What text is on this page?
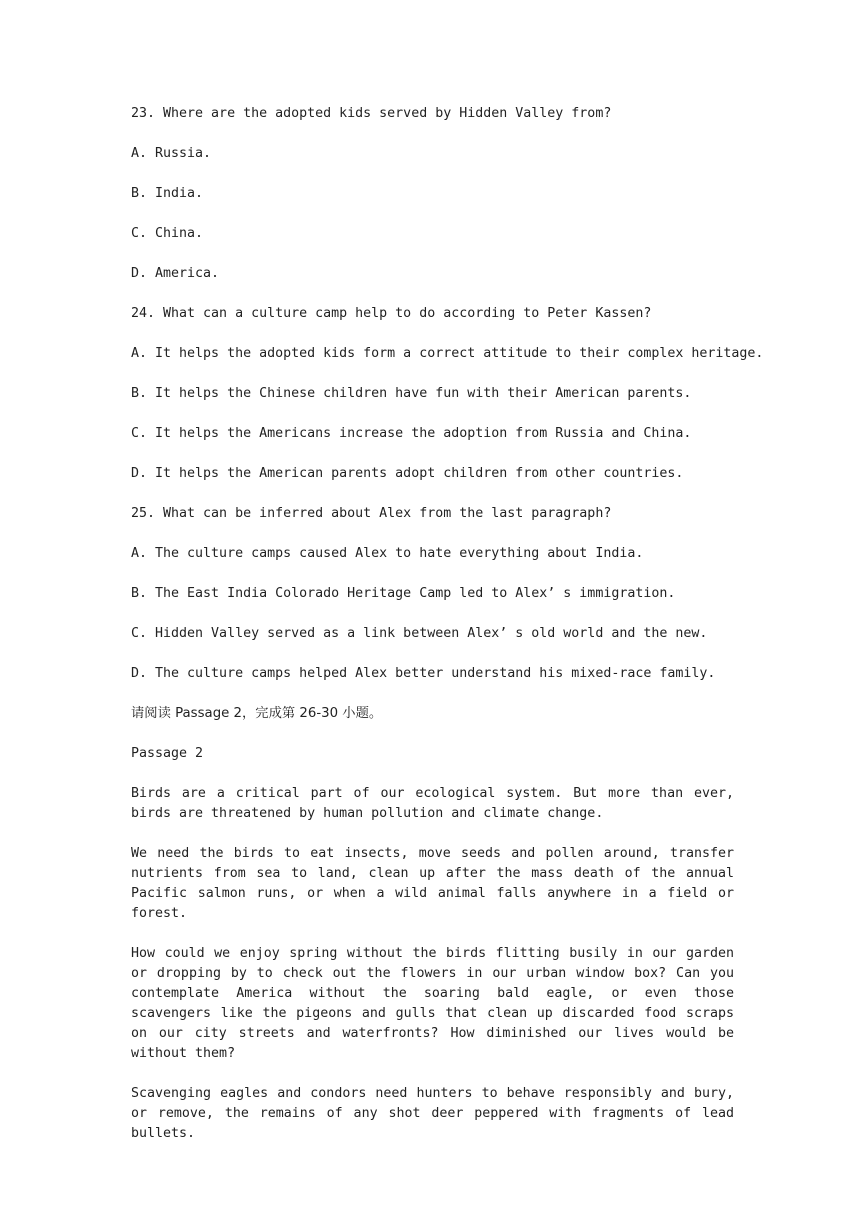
23. Where are the adopted kids served by Hidden Valley from?
A. Russia.
B. India.
C. China.
D. America.
24. What can a culture camp help to do according to Peter Kassen?
A. It helps the adopted kids form a correct attitude to their complex heritage.
B. It helps the Chinese children have fun with their American parents.
C. It helps the Americans increase the adoption from Russia and China.
D. It helps the American parents adopt children from other countries.
25. What can be inferred about Alex from the last paragraph?
A. The culture camps caused Alex to hate everything about India.
B. The East India Colorado Heritage Camp led to Alex’ s immigration.
C. Hidden Valley served as a link between Alex’ s old world and the new.
D. The culture camps helped Alex better understand his mixed-race family.
请阅读 Passage 2，完成第 26-30 小题。
Passage 2

Birds are a critical part of our ecological system. But more than ever, birds are threatened by human pollution and climate change.

We need the birds to eat insects, move seeds and pollen around, transfer nutrients from sea to land, clean up after the mass death of the annual Pacific salmon runs, or when a wild animal falls anywhere in a field or forest.

How could we enjoy spring without the birds flitting busily in our garden or dropping by to check out the flowers in our urban window box? Can you contemplate America without the soaring bald eagle, or even those scavengers like the pigeons and gulls that clean up discarded food scraps on our city streets and waterfronts? How diminished our lives would be without them?

Scavenging eagles and condors need hunters to behave responsibly and bury, or remove, the remains of any shot deer peppered with fragments of lead bullets.
